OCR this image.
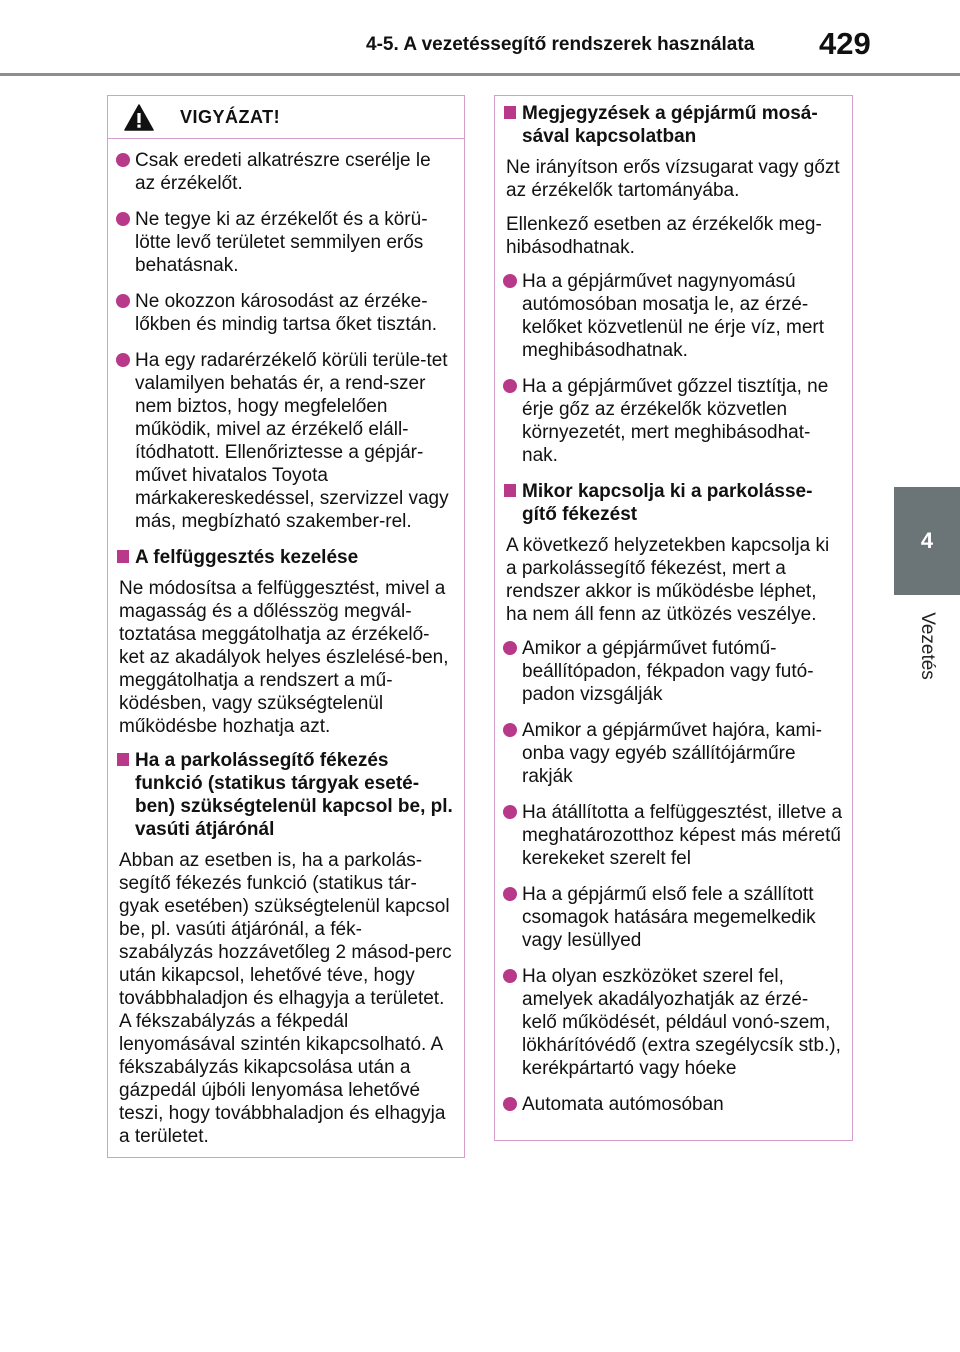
4-5. A vezetéssegítő rendszerek használata 429
4
Vezetés
VIGYÁZAT!
Csak eredeti alkatrészre cserélje le az érzékelőt.
Ne tegye ki az érzékelőt és a körü-lötte levő területet semmilyen erős behatásnak.
Ne okozzon károsodást az érzéke-lőkben és mindig tartsa őket tisztán.
Ha egy radarérzékelő körüli terüle-tet valamilyen behatás ér, a rend-szer nem biztos, hogy megfelelően működik, mivel az érzékelő eláll-ítódhatott. Ellenőriztesse a gépjár-művet hivatalos Toyota márkakereskedéssel, szervizzel vagy más, megbízható szakember-rel.
A felfüggesztés kezelése
Ne módosítsa a felfüggesztést, mivel a magasság és a dőlésszög megvál-toztatása meggátolhatja az érzékelő-ket az akadályok helyes észlelésé-ben, meggátolhatja a rendszert a mű-ködésben, vagy szükségtelenül működésbe hozhatja azt.
Ha a parkolássegítő fékezés funkció (statikus tárgyak eseté-ben) szükségtelenül kapcsol be, pl. vasúti átjárónál
Abban az esetben is, ha a parkolás-segítő fékezés funkció (statikus tár-gyak esetében) szükségtelenül kapcsol be, pl. vasúti átjárónál, a fék-szabályzás hozzávetőleg 2 másod-perc után kikapcsol, lehetővé téve, hogy továbbhaladjon és elhagyja a területet. A fékszabályzás a fékpedál lenyomásával szintén kikapcsolható. A fékszabályzás kikapcsolása után a gázpedál újbóli lenyomása lehetővé teszi, hogy továbbhaladjon és elhagyja a területet.
Megjegyzések a gépjármű mosá-sával kapcsolatban
Ne irányítson erős vízsugarat vagy gőzt az érzékelők tartományába.
Ellenkező esetben az érzékelők meg-hibásodhatnak.
Ha a gépjárművet nagynyomású autómosóban mosatja le, az érzé-kelőket közvetlenül ne érje víz, mert meghibásodhatnak.
Ha a gépjárművet gőzzel tisztítja, ne érje gőz az érzékelők közvetlen környezetét, mert meghibásodhat-nak.
Mikor kapcsolja ki a parkolásse-gítő fékezést
A következő helyzetekben kapcsolja ki a parkolássegítő fékezést, mert a rendszer akkor is működésbe léphet, ha nem áll fenn az ütközés veszélye.
Amikor a gépjárművet futómű-beállítópadon, fékpadon vagy futó-padon vizsgálják
Amikor a gépjárművet hajóra, kami-onba vagy egyéb szállítójárműre rakják
Ha átállította a felfüggesztést, illetve a meghatározotthoz képest más méretű kerekeket szerelt fel
Ha a gépjármű első fele a szállított csomagok hatására megemelkedik vagy lesüllyed
Ha olyan eszközöket szerel fel, amelyek akadályozhatják az érzé-kelő működését, például vonó-szem, lökhárítóvédő (extra szegélycsík stb.), kerékpártartó vagy hóeke
Automata autómosóban
